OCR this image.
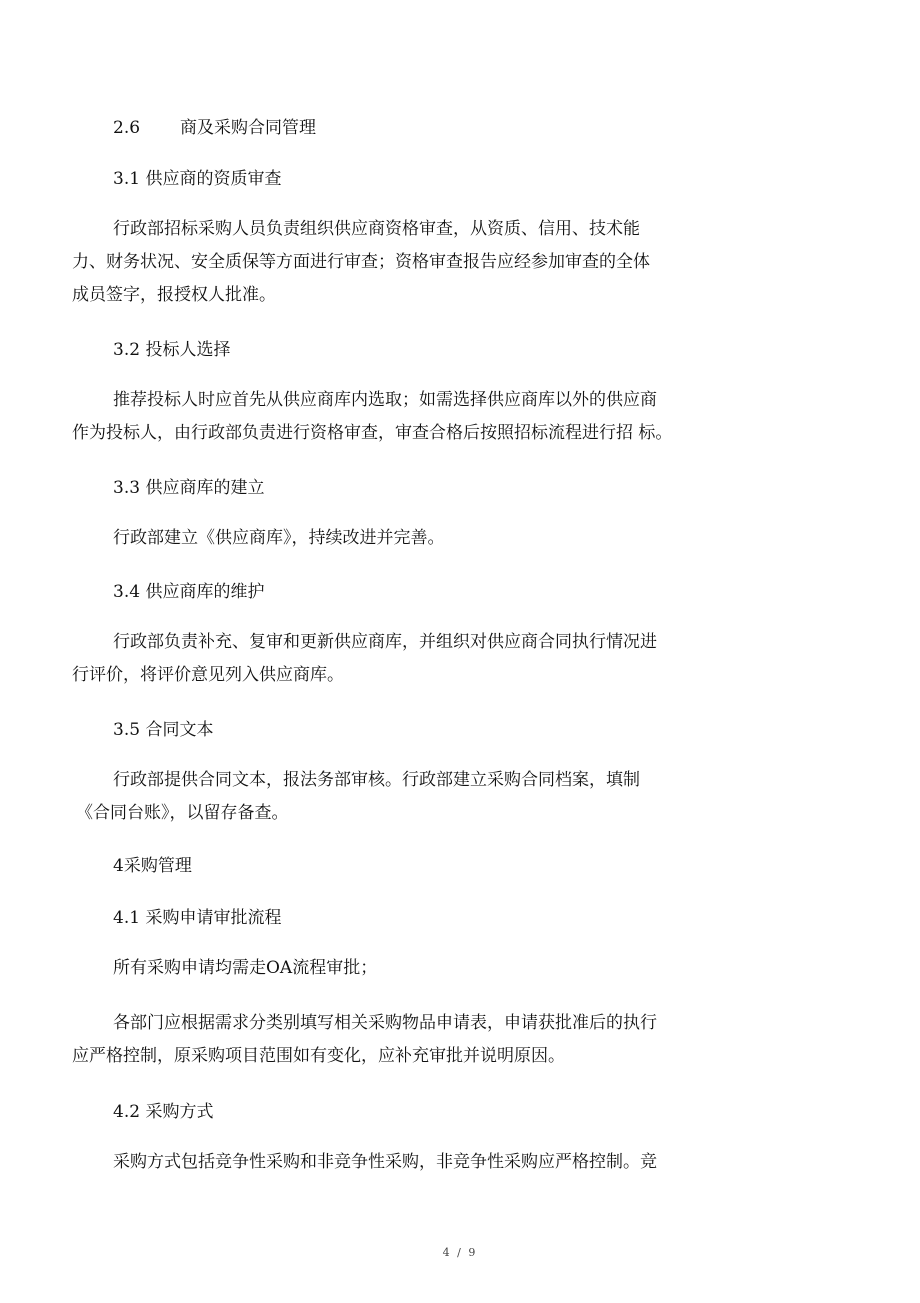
2.6 商及采购合同管理
3.1 供应商的资质审查
行政部招标采购人员负责组织供应商资格审查，从资质、信用、技术能
力、财务状况、安全质保等方面进行审查；资格审查报告应经参加审查的全体
成员签字，报授权人批准。
3.2 投标人选择
推荐投标人时应首先从供应商库内选取；如需选择供应商库以外的供应商
作为投标人，由行政部负责进行资格审查，审查合格后按照招标流程进行招 标。
3.3 供应商库的建立
行政部建立《供应商库》，持续改进并完善。
3.4 供应商库的维护
行政部负责补充、复审和更新供应商库，并组织对供应商合同执行情况进
行评价，将评价意见列入供应商库。
3.5 合同文本
行政部提供合同文本，报法务部审核。行政部建立采购合同档案，填制
《合同台账》，以留存备查。
4采购管理
4.1 采购申请审批流程
所有采购申请均需走OA流程审批；
各部门应根据需求分类别填写相关采购物品申请表，申请获批准后的执行
应严格控制，原采购项目范围如有变化，应补充审批并说明原因。
4.2 采购方式
采购方式包括竞争性采购和非竞争性采购，非竞争性采购应严格控制。竞
4 / 9
